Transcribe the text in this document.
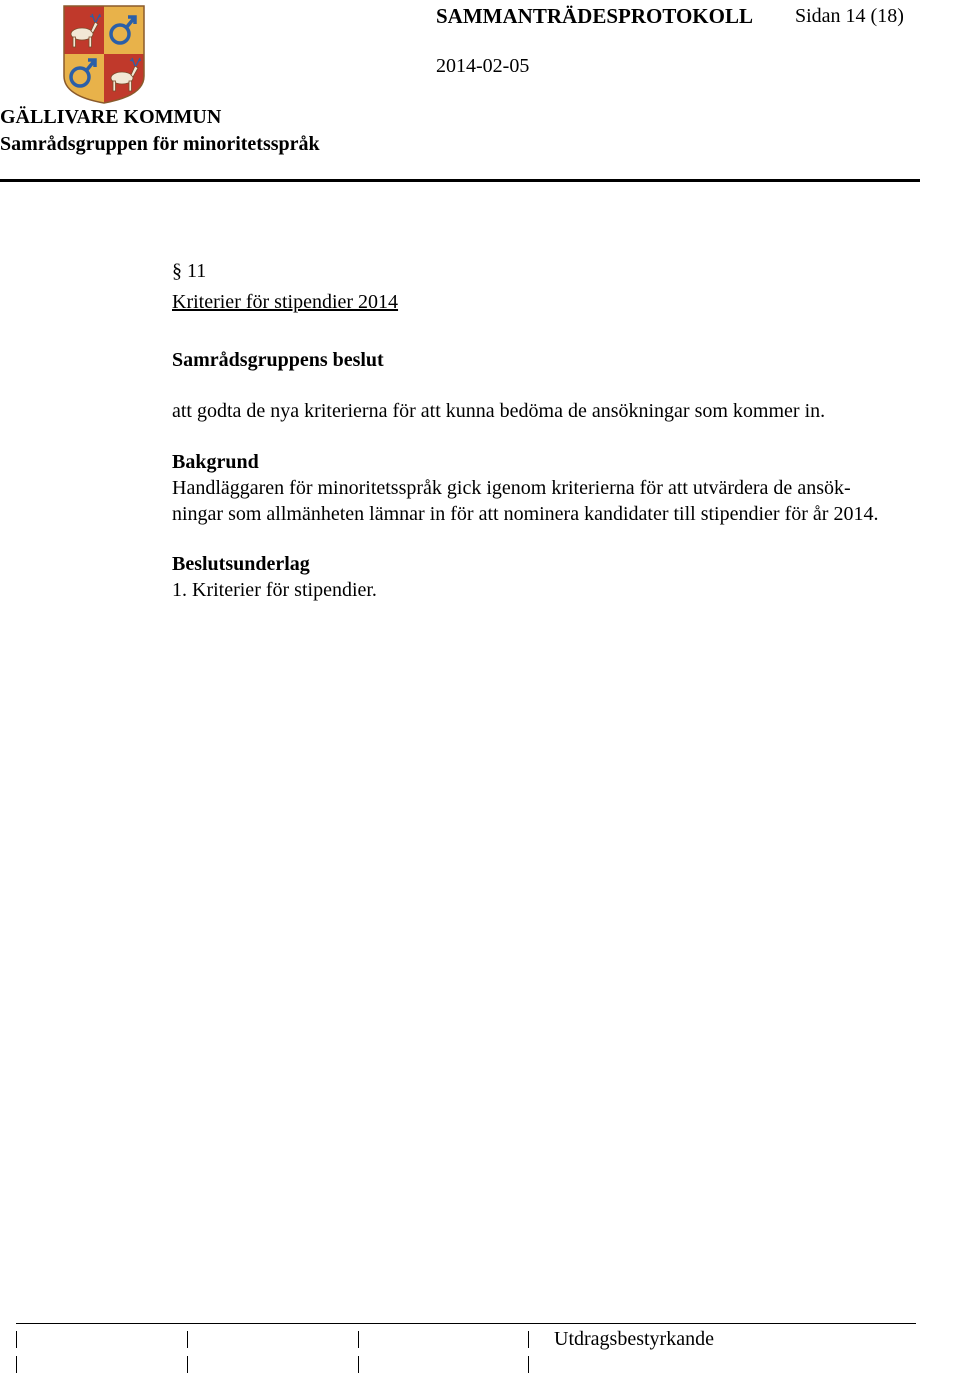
SAMMANTRÄDESPROTOKOLL Sidan 14 (18)
2014-02-05
GÄLLIVARE KOMMUN
Samrådsgruppen för minoritetsspråk
§ 11
Kriterier för stipendier 2014
Samrådsgruppens beslut
att godta de nya kriterierna för att kunna bedöma de ansökningar som kommer in.
Bakgrund
Handläggaren för minoritetsspråk gick igenom kriterierna för att utvärdera de ansök-
ningar som allmänheten lämnar in för att nominera kandidater till stipendier för år 2014.
Beslutsunderlag
1. Kriterier för stipendier.
Utdragsbestyrkande
